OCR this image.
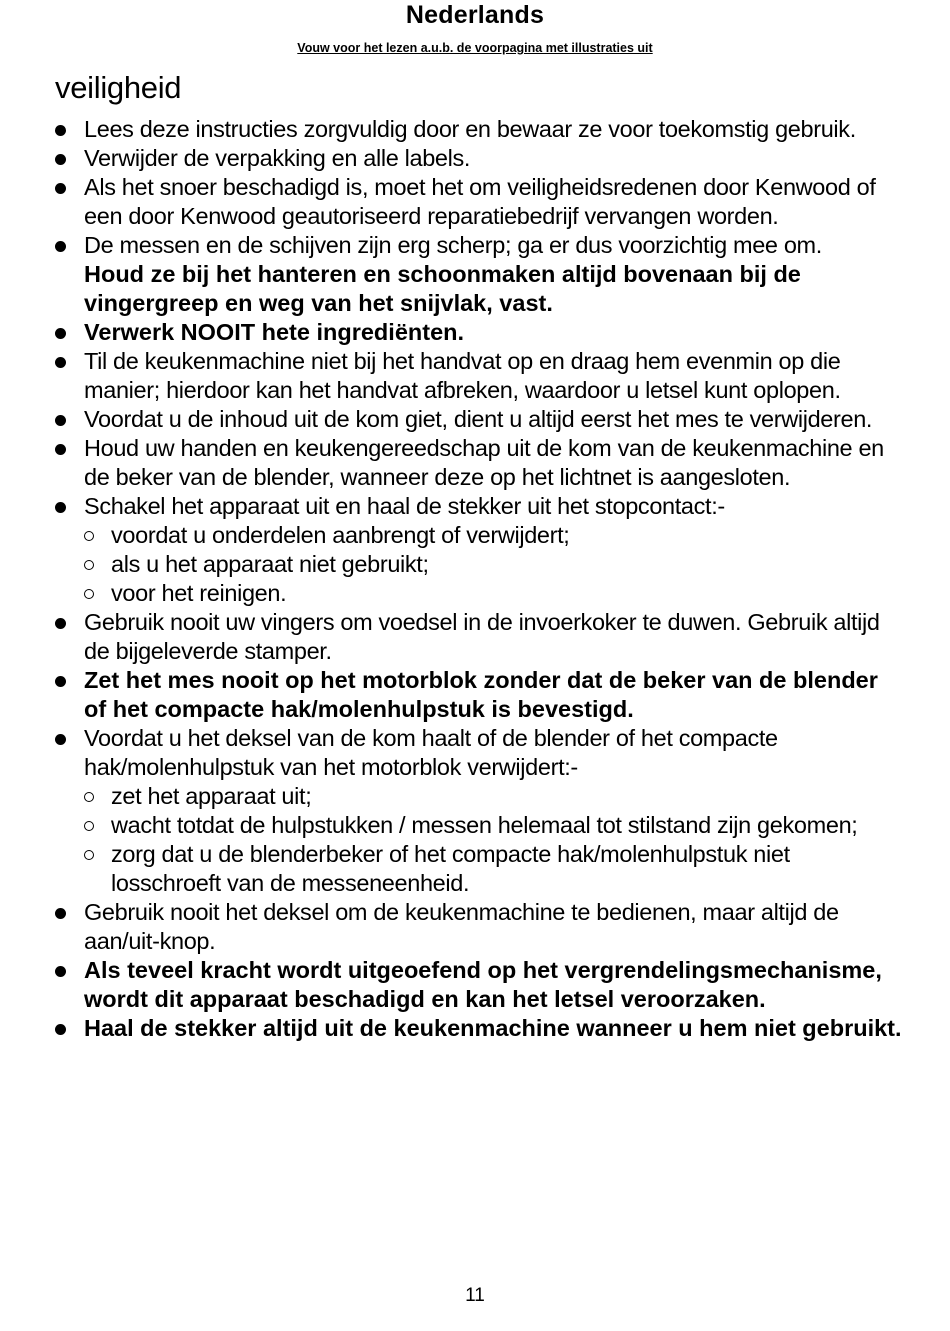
Nederlands
Vouw voor het lezen a.u.b. de voorpagina met illustraties uit
veiligheid
Lees deze instructies zorgvuldig door en bewaar ze voor toekomstig gebruik.
Verwijder de verpakking en alle labels.
Als het snoer beschadigd is, moet het om veiligheidsredenen door Kenwood of een door Kenwood geautoriseerd reparatiebedrijf vervangen worden.
De messen en de schijven zijn erg scherp; ga er dus voorzichtig mee om.
Houd ze bij het hanteren en schoonmaken altijd bovenaan bij de vingergreep en weg van het snijvlak, vast.
Verwerk NOOIT hete ingrediënten.
Til de keukenmachine niet bij het handvat op en draag hem evenmin op die manier; hierdoor kan het handvat afbreken, waardoor u letsel kunt oplopen.
Voordat u de inhoud uit de kom giet, dient u altijd eerst het mes te verwijderen.
Houd uw handen en keukengereedschap uit de kom van de keukenmachine en de beker van de blender, wanneer deze op het lichtnet is aangesloten.
Schakel het apparaat uit en haal de stekker uit het stopcontact:-
voordat u onderdelen aanbrengt of verwijdert;
als u het apparaat niet gebruikt;
voor het reinigen.
Gebruik nooit uw vingers om voedsel in de invoerkoker te duwen. Gebruik altijd de bijgeleverde stamper.
Zet het mes nooit op het motorblok zonder dat de beker van de blender of het compacte hak/molenhulpstuk is bevestigd.
Voordat u het deksel van de kom haalt of de blender of het compacte hak/molenhulpstuk van het motorblok verwijdert:-
zet het apparaat uit;
wacht totdat de hulpstukken / messen helemaal tot stilstand zijn gekomen;
zorg dat u de blenderbeker of het compacte hak/molenhulpstuk niet losschroeft van de messeneenheid.
Gebruik nooit het deksel om de keukenmachine te bedienen, maar altijd de aan/uit-knop.
Als teveel kracht wordt uitgeoefend op het vergrendelingsmechanisme, wordt dit apparaat beschadigd en kan het letsel veroorzaken.
Haal de stekker altijd uit de keukenmachine wanneer u hem niet gebruikt.
11
